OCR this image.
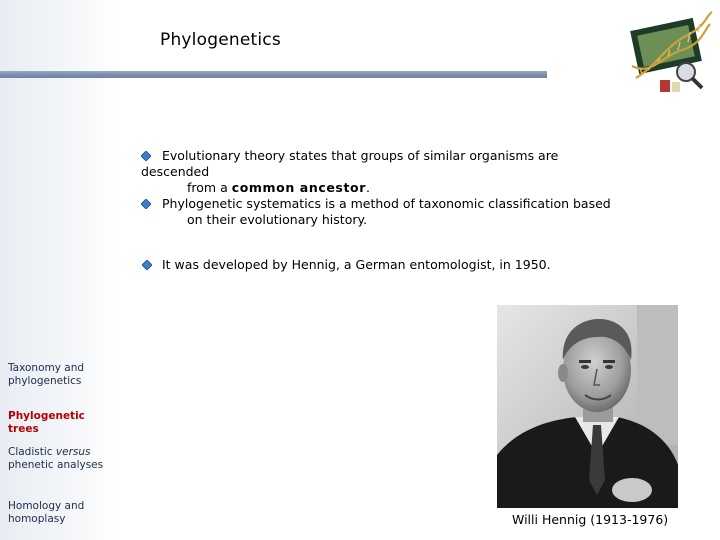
Phylogenetics
Evolutionary theory states that groups of similar organisms are descended
from a common ancestor.
Phylogenetic systematics is a method of taxonomic classification based
on their evolutionary history.
It was developed by Hennig, a German entomologist, in 1950.
Taxonomy and
phylogenetics
Phylogenetic trees
Cladistic versus
phenetic analyses
Homology and
homoplasy	Willi Hennig (1913-1976)
